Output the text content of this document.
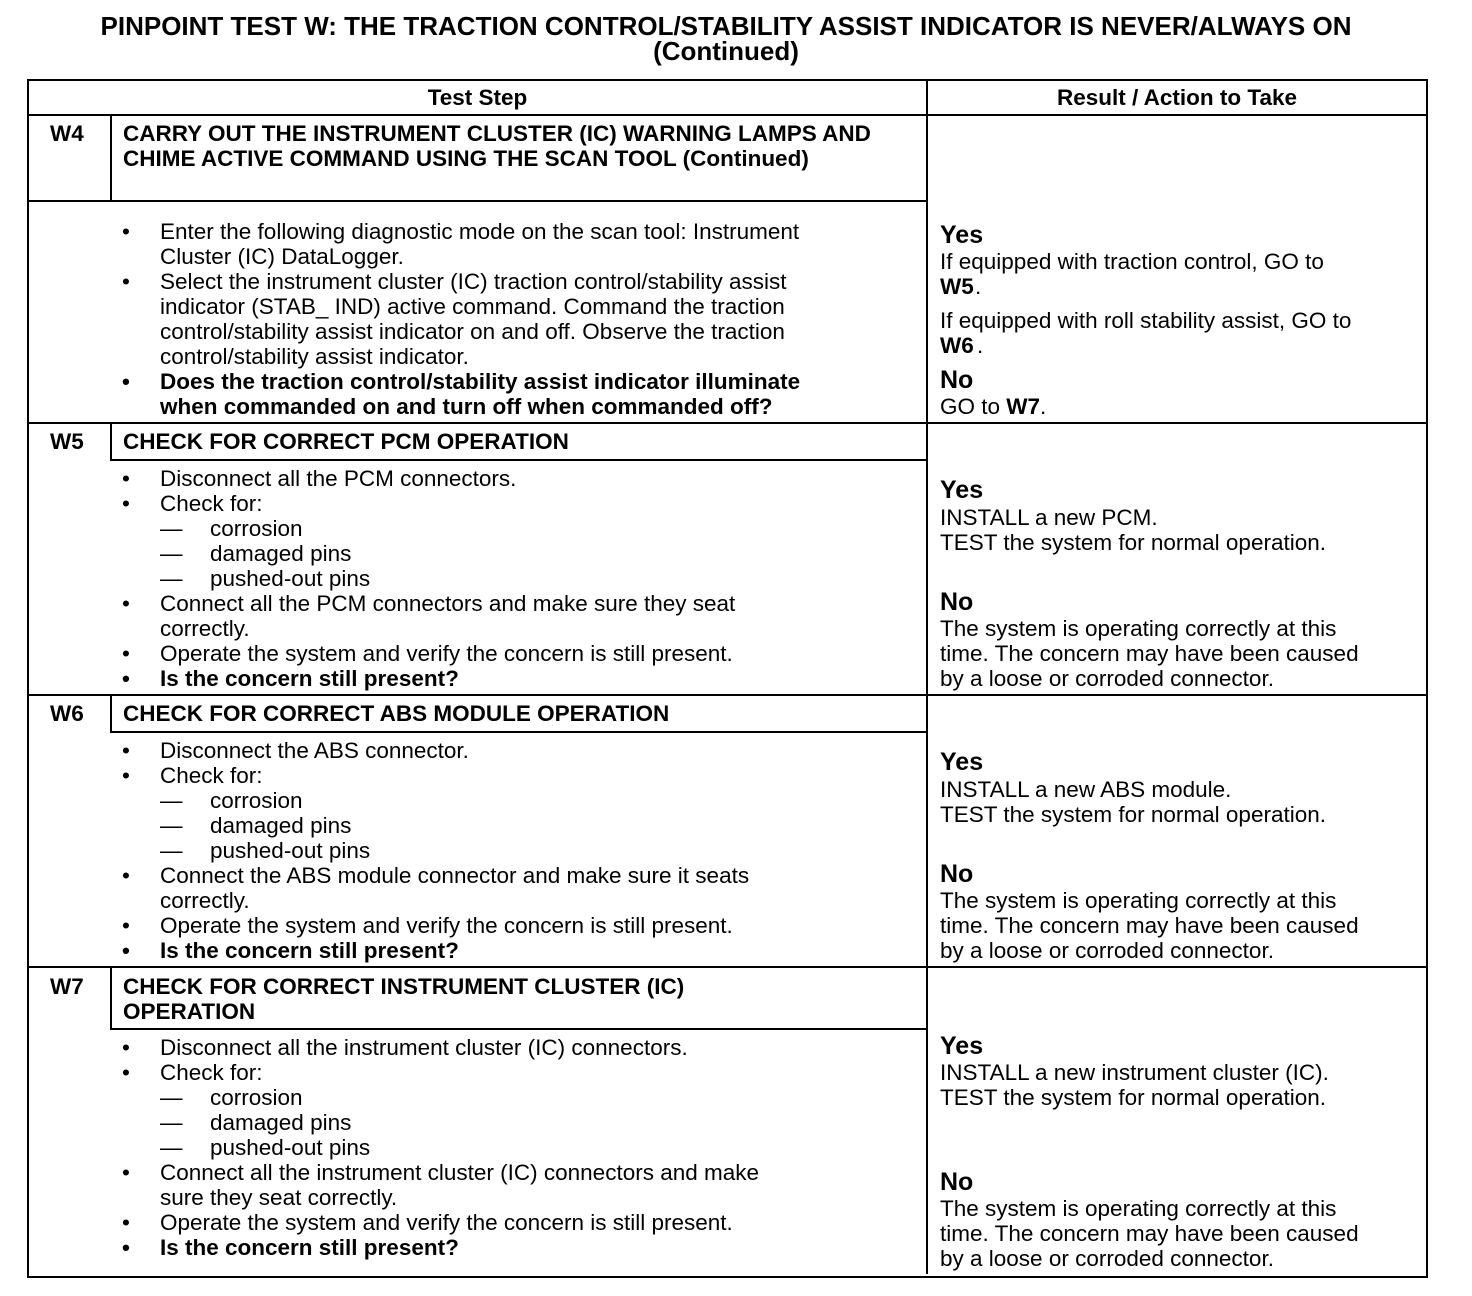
PINPOINT TEST W: THE TRACTION CONTROL/STABILITY ASSIST INDICATOR IS NEVER/ALWAYS ON
(Continued)
Test Step	Result / Action to Take
W4 CARRY OUT THE INSTRUMENT CLUSTER (IC) WARNING LAMPS AND CHIME ACTIVE COMMAND USING THE SCAN TOOL (Continued)
• Enter the following diagnostic mode on the scan tool: Instrument
Cluster (IC) DataLogger.
• Select the instrument cluster (IC) traction control/stability assist
indicator (STAB_ IND) active command. Command the traction
control/stability assist indicator on and off. Observe the traction
control/stability assist indicator.
• Does the traction control/stability assist indicator illuminate
when commanded on and turn off when commanded off?
Yes
If equipped with traction control, GO to
W5 .
If equipped with roll stability assist, GO to
W6 .
No
GO to W7.
W5 CHECK FOR CORRECT PCM OPERATION
• Disconnect all the PCM connectors.
• Check for:
— corrosion
— damaged pins
— pushed-out pins
• Connect all the PCM connectors and make sure they seat
correctly.
• Operate the system and verify the concern is still present.
• Is the concern still present?
Yes
INSTALL a new PCM.
TEST the system for normal operation.
No
The system is operating correctly at this
time. The concern may have been caused
by a loose or corroded connector.
W6 CHECK FOR CORRECT ABS MODULE OPERATION
• Disconnect the ABS connector.
• Check for:
— corrosion
— damaged pins
— pushed-out pins
• Connect the ABS module connector and make sure it seats
correctly.
• Operate the system and verify the concern is still present.
• Is the concern still present?
Yes
INSTALL a new ABS module.
TEST the system for normal operation.
No
The system is operating correctly at this
time. The concern may have been caused
by a loose or corroded connector.
W7 CHECK FOR CORRECT INSTRUMENT CLUSTER (IC) OPERATION
• Disconnect all the instrument cluster (IC) connectors.
• Check for:
— corrosion
— damaged pins
— pushed-out pins
• Connect all the instrument cluster (IC) connectors and make
sure they seat correctly.
• Operate the system and verify the concern is still present.
• Is the concern still present?
Yes
INSTALL a new instrument cluster (IC).
TEST the system for normal operation.
No
The system is operating correctly at this
time. The concern may have been caused
by a loose or corroded connector.
